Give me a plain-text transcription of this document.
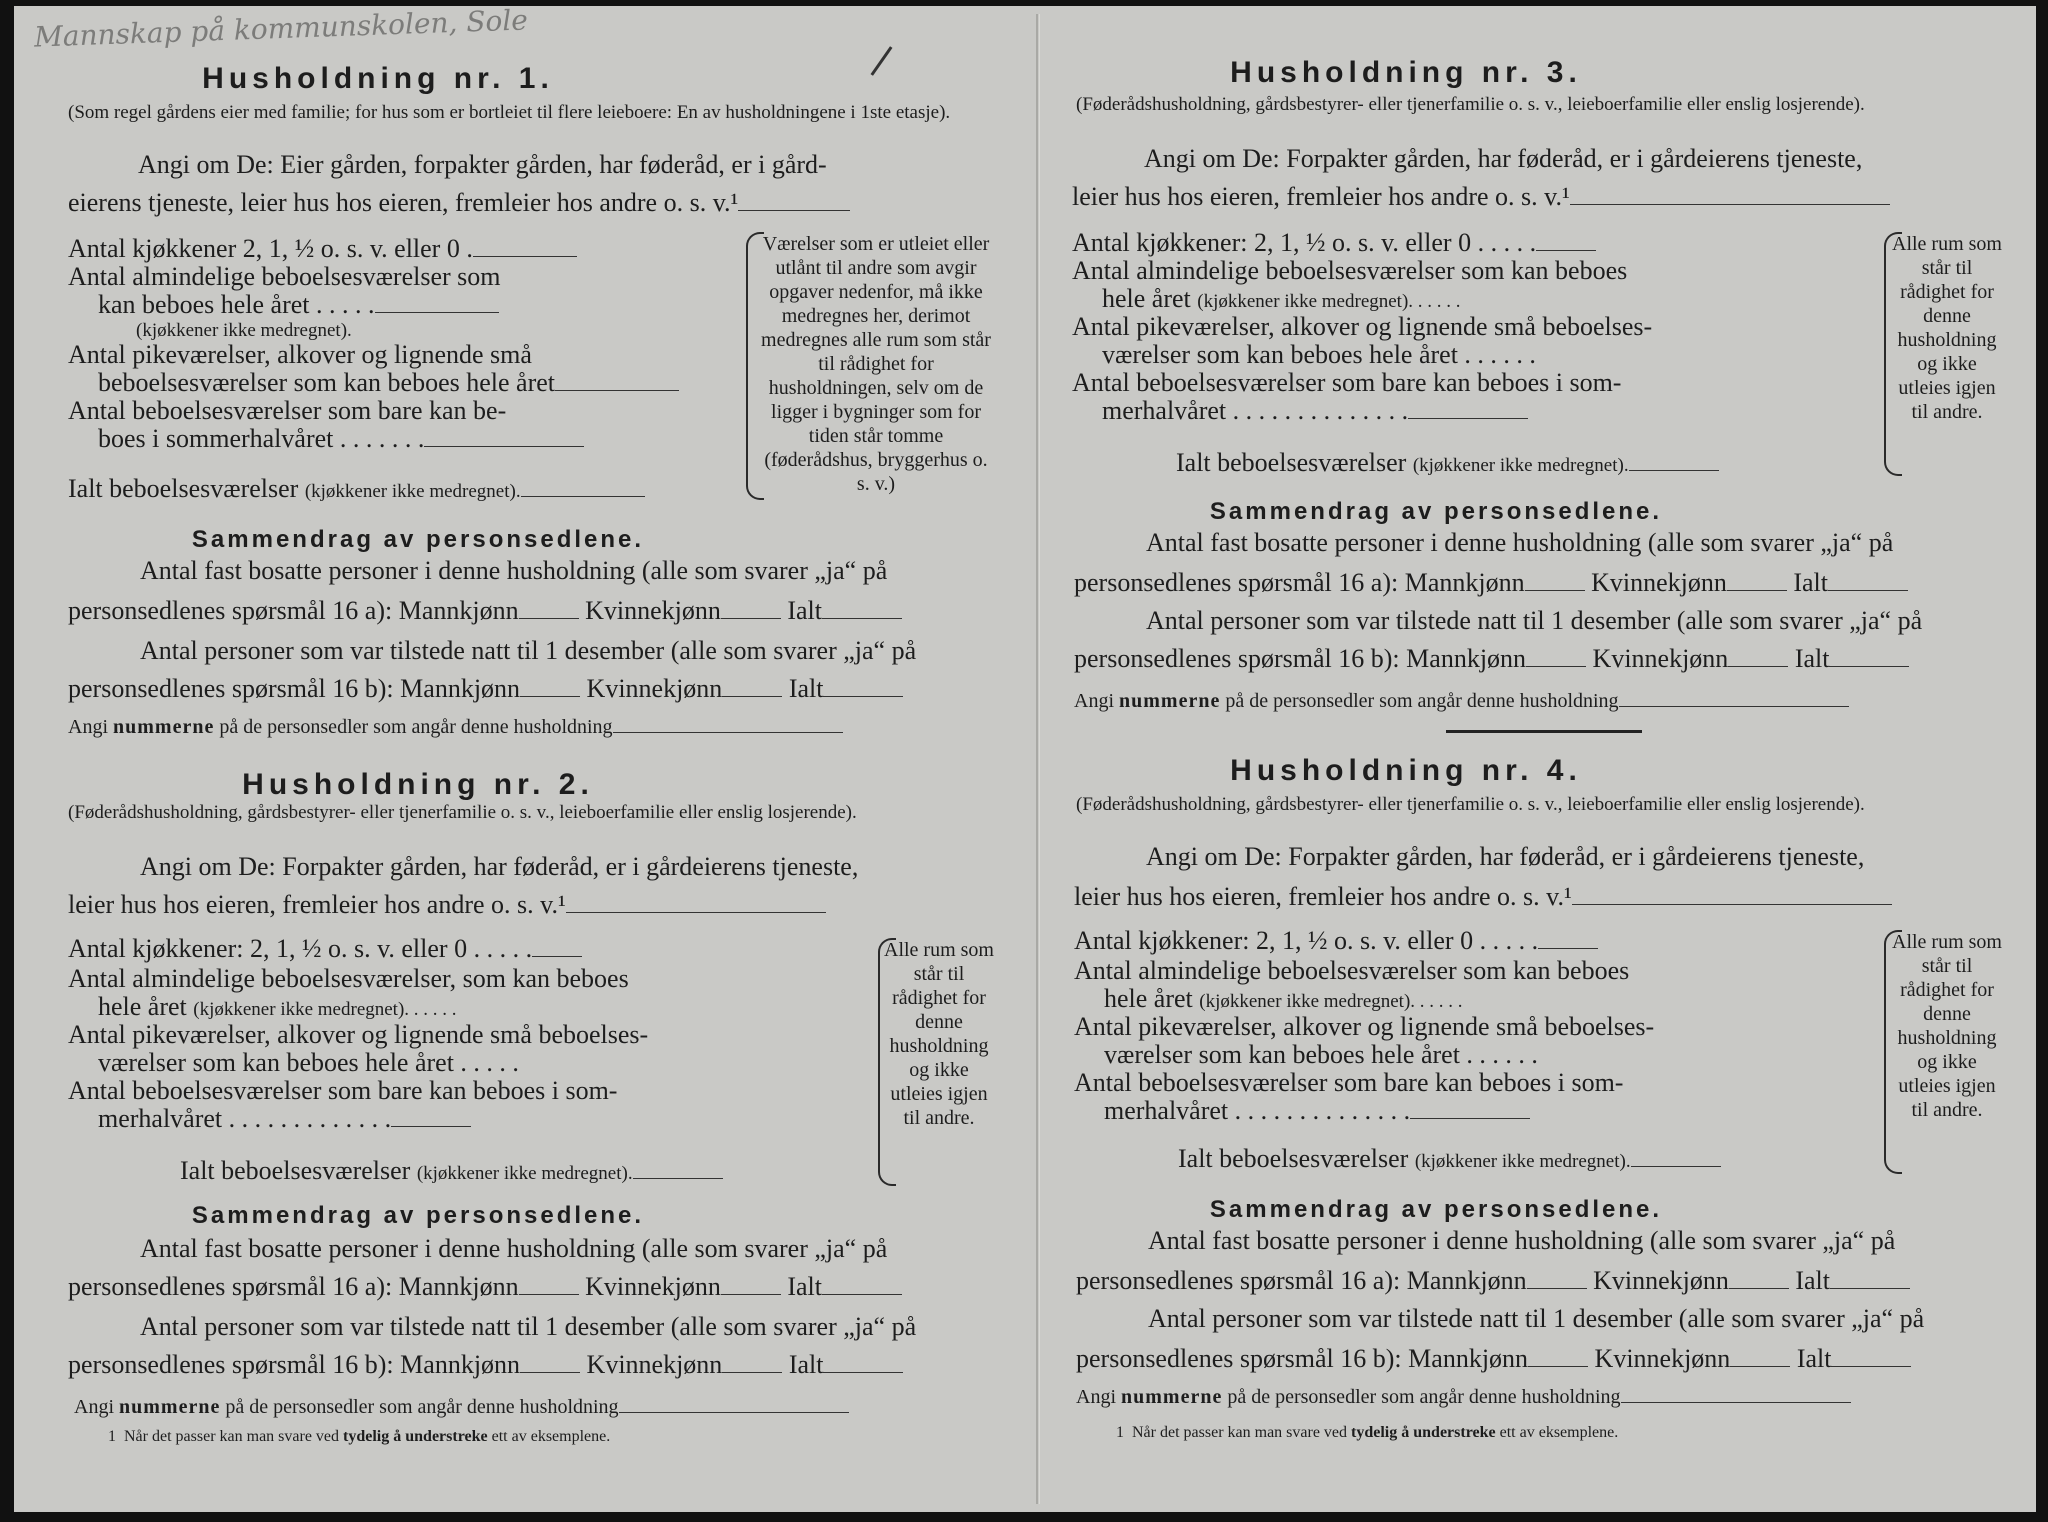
Mannskap på kommunskolen, Sole
Husholdning nr. 1.
(Som regel gårdens eier med familie; for hus som er bortleiet til flere leieboere: En av husholdningene i 1ste etasje).
Angi om De: Eier gården, forpakter gården, har føderåd, er i gård-
eierens tjeneste, leier hus hos eieren, fremleier hos andre o. s. v.¹
Antal kjøkkener 2, 1, ½ o. s. v. eller 0 .
Antal almindelige beboelsesværelser som
kan beboes hele året . . . . .
(kjøkkener ikke medregnet).
Antal pikeværelser, alkover og lignende små
beboelsesværelser som kan beboes hele året
Antal beboelsesværelser som bare kan be-
boes i sommerhalvåret . . . . . . .
Ialt beboelsesværelser (kjøkkener ikke medregnet).
Værelser som er utleiet eller utlånt til andre som avgir opgaver nedenfor, må ikke medregnes her, derimot medregnes alle rum som står til rådighet for husholdningen, selv om de ligger i bygninger som for tiden står tomme (føderådshus, bryggerhus o. s. v.)
Sammendrag av personsedlene.
Antal fast bosatte personer i denne husholdning (alle som svarer „ja“ på
personsedlenes spørsmål 16 a): Mannkjønn	Kvinnekjønn	Ialt
Antal personer som var tilstede natt til 1 desember (alle som svarer „ja“ på
personsedlenes spørsmål 16 b): Mannkjønn	Kvinnekjønn	Ialt
Angi nummerne på de personsedler som angår denne husholdning
Husholdning nr. 2.
(Føderådshusholdning, gårdsbestyrer- eller tjenerfamilie o. s. v., leieboerfamilie eller enslig losjerende).
Angi om De: Forpakter gården, har føderåd, er i gårdeierens tjeneste,
leier hus hos eieren, fremleier hos andre o. s. v.¹
Antal kjøkkener: 2, 1, ½ o. s. v. eller 0 . . . . .
Antal almindelige beboelsesværelser, som kan beboes
hele året (kjøkkener ikke medregnet). . . . . .
Antal pikeværelser, alkover og lignende små beboelses-
værelser som kan beboes hele året . . . . .
Antal beboelsesværelser som bare kan beboes i som-
merhalvåret . . . . . . . . . . . . .
Ialt beboelsesværelser (kjøkkener ikke medregnet).
Alle rum som står til rådighet for denne husholdning og ikke utleies igjen til andre.
Sammendrag av personsedlene.
Antal fast bosatte personer i denne husholdning (alle som svarer „ja“ på
personsedlenes spørsmål 16 a): Mannkjønn	Kvinnekjønn	Ialt
Antal personer som var tilstede natt til 1 desember (alle som svarer „ja“ på
personsedlenes spørsmål 16 b): Mannkjønn	Kvinnekjønn	Ialt
Angi nummerne på de personsedler som angår denne husholdning
1 Når det passer kan man svare ved tydelig å understreke ett av eksemplene.
Husholdning nr. 3.
(Føderådshusholdning, gårdsbestyrer- eller tjenerfamilie o. s. v., leieboerfamilie eller enslig losjerende).
Angi om De: Forpakter gården, har føderåd, er i gårdeierens tjeneste,
leier hus hos eieren, fremleier hos andre o. s. v.¹
Antal kjøkkener: 2, 1, ½ o. s. v. eller 0 . . . . .
Antal almindelige beboelsesværelser som kan beboes
hele året (kjøkkener ikke medregnet). . . . . .
Antal pikeværelser, alkover og lignende små beboelses-
værelser som kan beboes hele året . . . . . .
Antal beboelsesværelser som bare kan beboes i som-
merhalvåret . . . . . . . . . . . . . .
Ialt beboelsesværelser (kjøkkener ikke medregnet).
Alle rum som står til rådighet for denne husholdning og ikke utleies igjen til andre.
Sammendrag av personsedlene.
Antal fast bosatte personer i denne husholdning (alle som svarer „ja“ på
personsedlenes spørsmål 16 a): Mannkjønn	Kvinnekjønn	Ialt
Antal personer som var tilstede natt til 1 desember (alle som svarer „ja“ på
personsedlenes spørsmål 16 b): Mannkjønn	Kvinnekjønn	Ialt
Angi nummerne på de personsedler som angår denne husholdning
Husholdning nr. 4.
(Føderådshusholdning, gårdsbestyrer- eller tjenerfamilie o. s. v., leieboerfamilie eller enslig losjerende).
Angi om De: Forpakter gården, har føderåd, er i gårdeierens tjeneste,
leier hus hos eieren, fremleier hos andre o. s. v.¹
Antal kjøkkener: 2, 1, ½ o. s. v. eller 0 . . . . .
Antal almindelige beboelsesværelser som kan beboes
hele året (kjøkkener ikke medregnet). . . . . .
Antal pikeværelser, alkover og lignende små beboelses-
værelser som kan beboes hele året . . . . . .
Antal beboelsesværelser som bare kan beboes i som-
merhalvåret . . . . . . . . . . . . . .
Ialt beboelsesværelser (kjøkkener ikke medregnet).
Alle rum som står til rådighet for denne husholdning og ikke utleies igjen til andre.
Sammendrag av personsedlene.
Antal fast bosatte personer i denne husholdning (alle som svarer „ja“ på
personsedlenes spørsmål 16 a): Mannkjønn	Kvinnekjønn	Ialt
Antal personer som var tilstede natt til 1 desember (alle som svarer „ja“ på
personsedlenes spørsmål 16 b): Mannkjønn	Kvinnekjønn	Ialt
Angi nummerne på de personsedler som angår denne husholdning
1 Når det passer kan man svare ved tydelig å understreke ett av eksemplene.
